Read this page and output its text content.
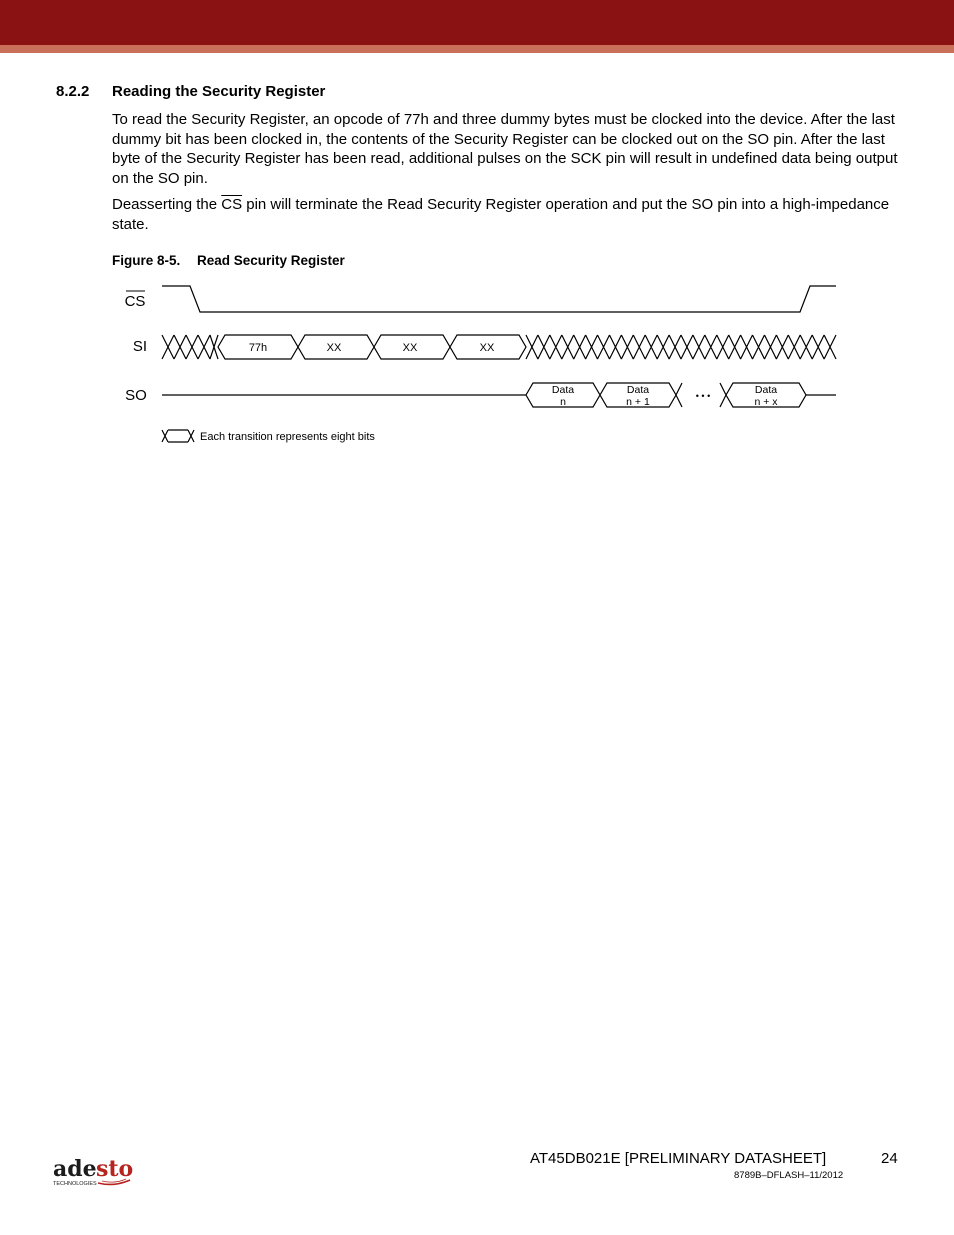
8.2.2 Reading the Security Register

To read the Security Register, an opcode of 77h and three dummy bytes must be clocked into the device. After the last dummy bit has been clocked in, the contents of the Security Register can be clocked out on the SO pin. After the last byte of the Security Register has been read, additional pulses on the SCK pin will result in undefined data being output on the SO pin.

Deasserting the $\overline{CS}$ pin will terminate the Read Security Register operation and put the SO pin into a high-impedance state.

Figure 8-5. Read Security Register
CS
SI
SO
77h	XX	XX	XX
Data
n
Data
n + 1
Data
n + x
• • •
Each transition represents eight bits
ade sto
TECHNOLOGIES
AT45DB021E [PRELIMINARY DATASHEET]	24
8789B–DFLASH–11/2012
